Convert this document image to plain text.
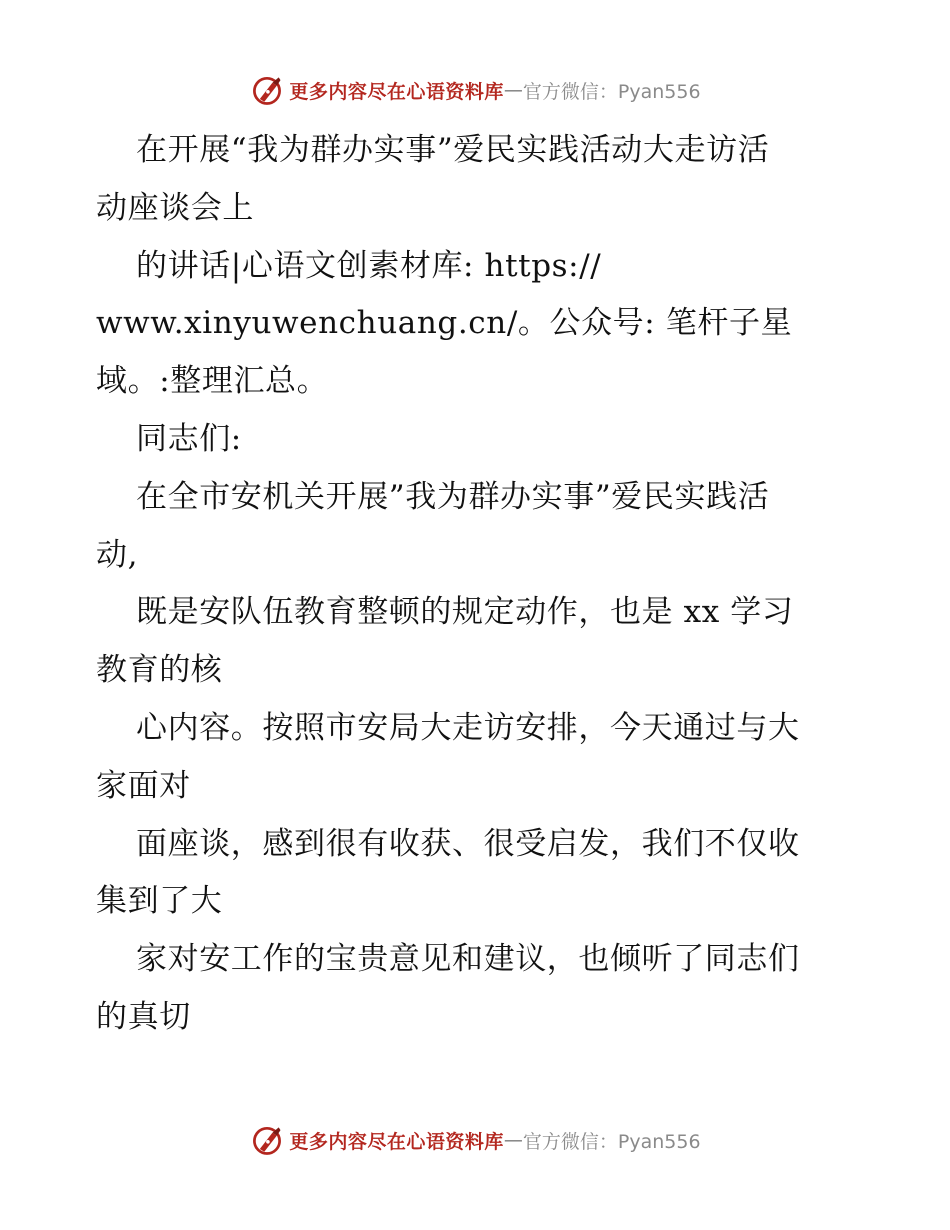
更多内容尽在心语资料库 — 官方微信：Pyan556
在开展“我为群办实事”爱民实践活动大走访活
动座谈会上
的讲话|心语文创素材库: https://
www.xinyuwenchuang.cn/。公众号: 笔杆子星
域。:整理汇总。
同志们:
在全市安机关开展”我为群办实事”爱民实践活
动,
既是安队伍教育整顿的规定动作，也是 xx 学习
教育的核
心内容。按照市安局大走访安排，今天通过与大
家面对
面座谈，感到很有收获、很受启发，我们不仅收
集到了大
家对安工作的宝贵意见和建议，也倾听了同志们
的真切
更多内容尽在心语资料库 — 官方微信：Pyan556
